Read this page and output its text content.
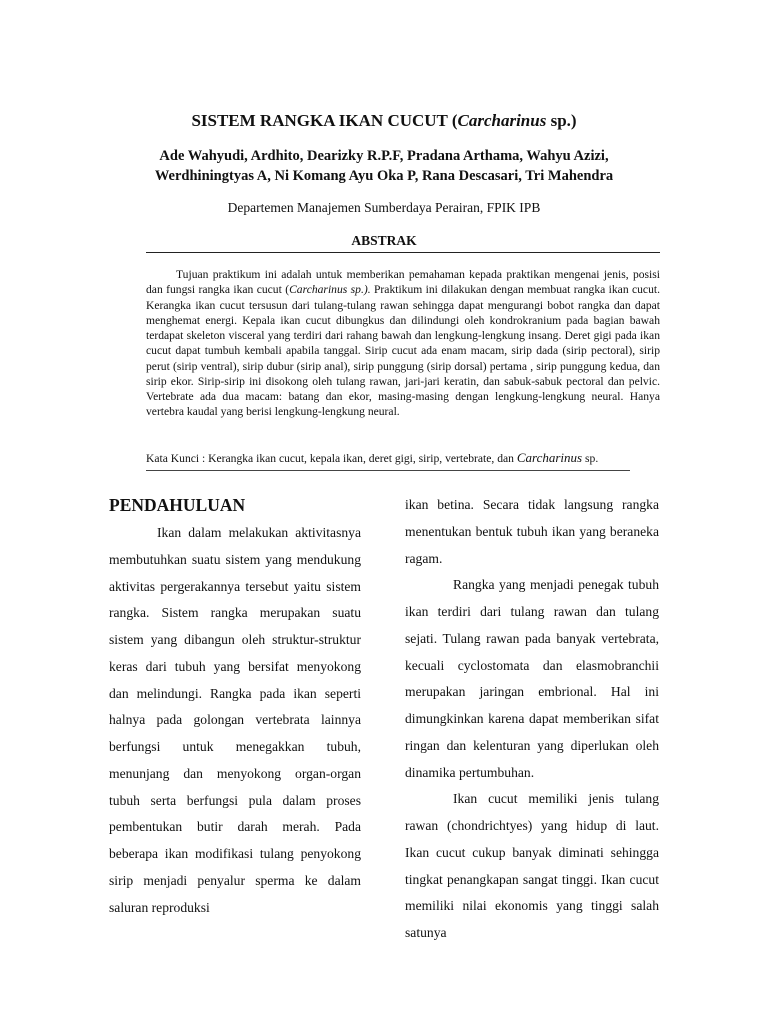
SISTEM RANGKA IKAN CUCUT (Carcharinus sp.)
Ade Wahyudi, Ardhito, Dearizky R.P.F, Pradana Arthama, Wahyu Azizi, Werdhiningtyas A, Ni Komang Ayu Oka P, Rana Descasari, Tri Mahendra
Departemen Manajemen Sumberdaya Perairan, FPIK IPB
ABSTRAK

Tujuan praktikum ini adalah untuk memberikan pemahaman kepada praktikan mengenai jenis, posisi dan fungsi rangka ikan cucut (Carcharinus sp.). Praktikum ini dilakukan dengan membuat rangka ikan cucut. Kerangka ikan cucut tersusun dari tulang-tulang rawan sehingga dapat mengurangi bobot rangka dan dapat menghemat energi. Kepala ikan cucut dibungkus dan dilindungi oleh kondrokranium pada bagian bawah terdapat skeleton visceral yang terdiri dari rahang bawah dan lengkung-lengkung insang. Deret gigi pada ikan cucut dapat tumbuh kembali apabila tanggal. Sirip cucut ada enam macam, sirip dada (sirip pectoral), sirip perut (sirip ventral), sirip dubur (sirip anal), sirip punggung (sirip dorsal) pertama , sirip punggung kedua, dan sirip ekor. Sirip-sirip ini disokong oleh tulang rawan, jari-jari keratin, dan sabuk-sabuk pectoral dan pelvic. Vertebrate ada dua macam: batang dan ekor, masing-masing dengan lengkung-lengkung neural. Hanya vertebra kaudal yang berisi lengkung-lengkung neural.

Kata Kunci : Kerangka ikan cucut, kepala ikan, deret gigi, sirip, vertebrate, dan Carcharinus sp.
PENDAHULUAN

Ikan dalam melakukan aktivitasnya membutuhkan suatu sistem yang mendukung aktivitas pergerakannya tersebut yaitu sistem rangka. Sistem rangka merupakan suatu sistem yang dibangun oleh struktur-struktur keras dari tubuh yang bersifat menyokong dan melindungi. Rangka pada ikan seperti halnya pada golongan vertebrata lainnya berfungsi untuk menegakkan tubuh, menunjang dan menyokong organ-organ tubuh serta berfungsi pula dalam proses pembentukan butir darah merah. Pada beberapa ikan modifikasi tulang penyokong sirip menjadi penyalur sperma ke dalam saluran reproduksi

ikan betina. Secara tidak langsung rangka menentukan bentuk tubuh ikan yang beraneka ragam.

Rangka yang menjadi penegak tubuh ikan terdiri dari tulang rawan dan tulang sejati. Tulang rawan pada banyak vertebrata, kecuali cyclostomata dan elasmobranchii merupakan jaringan embrional. Hal ini dimungkinkan karena dapat memberikan sifat ringan dan kelenturan yang diperlukan oleh dinamika pertumbuhan.

Ikan cucut memiliki jenis tulang rawan (chondrichtyes) yang hidup di laut. Ikan cucut cukup banyak diminati sehingga tingkat penangkapan sangat tinggi. Ikan cucut memiliki nilai ekonomis yang tinggi salah satunya
